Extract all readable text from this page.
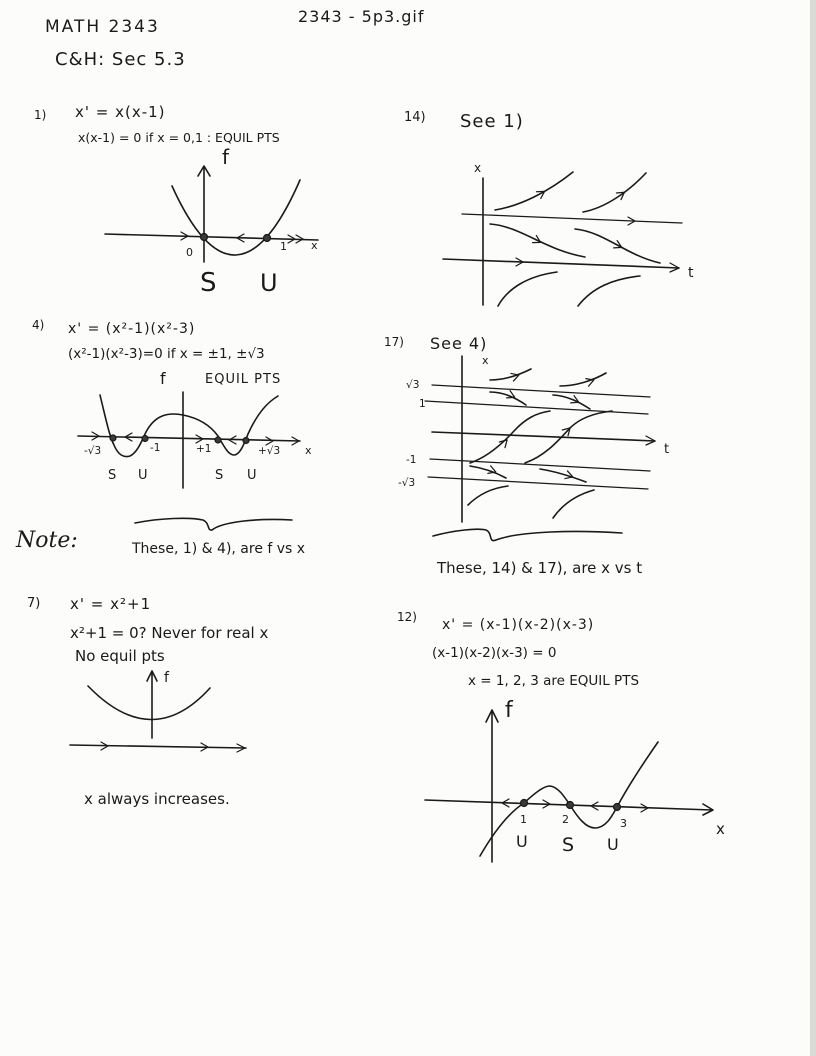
MATH 2343
C&H: Sec 5.3
2343 - 5p3.gif
1) x' = x(x-1)
x(x-1) = 0 if x = 0,1 : EQUIL PTS
f
x
0	1
S U
14) See 1)
x
t
4) x' = (x²-1)(x²-3)
(x²-1)(x²-3)=0 if x = ±1, ±√3
EQUIL PTS
f
x
-√3	-1	+1	+√3
S U	S U
17) See 4)
x
t
√3
1
-1
-√3
Note:	These, 1) & 4), are f vs x
These, 14) & 17), are x vs t
7) x' = x²+1
x²+1 = 0? Never for real x
No equil pts
f
x always increases.
12) x' = (x-1)(x-2)(x-3)
(x-1)(x-2)(x-3) = 0
x = 1, 2, 3 are EQUIL PTS
f
x
1	2	3
U S U
